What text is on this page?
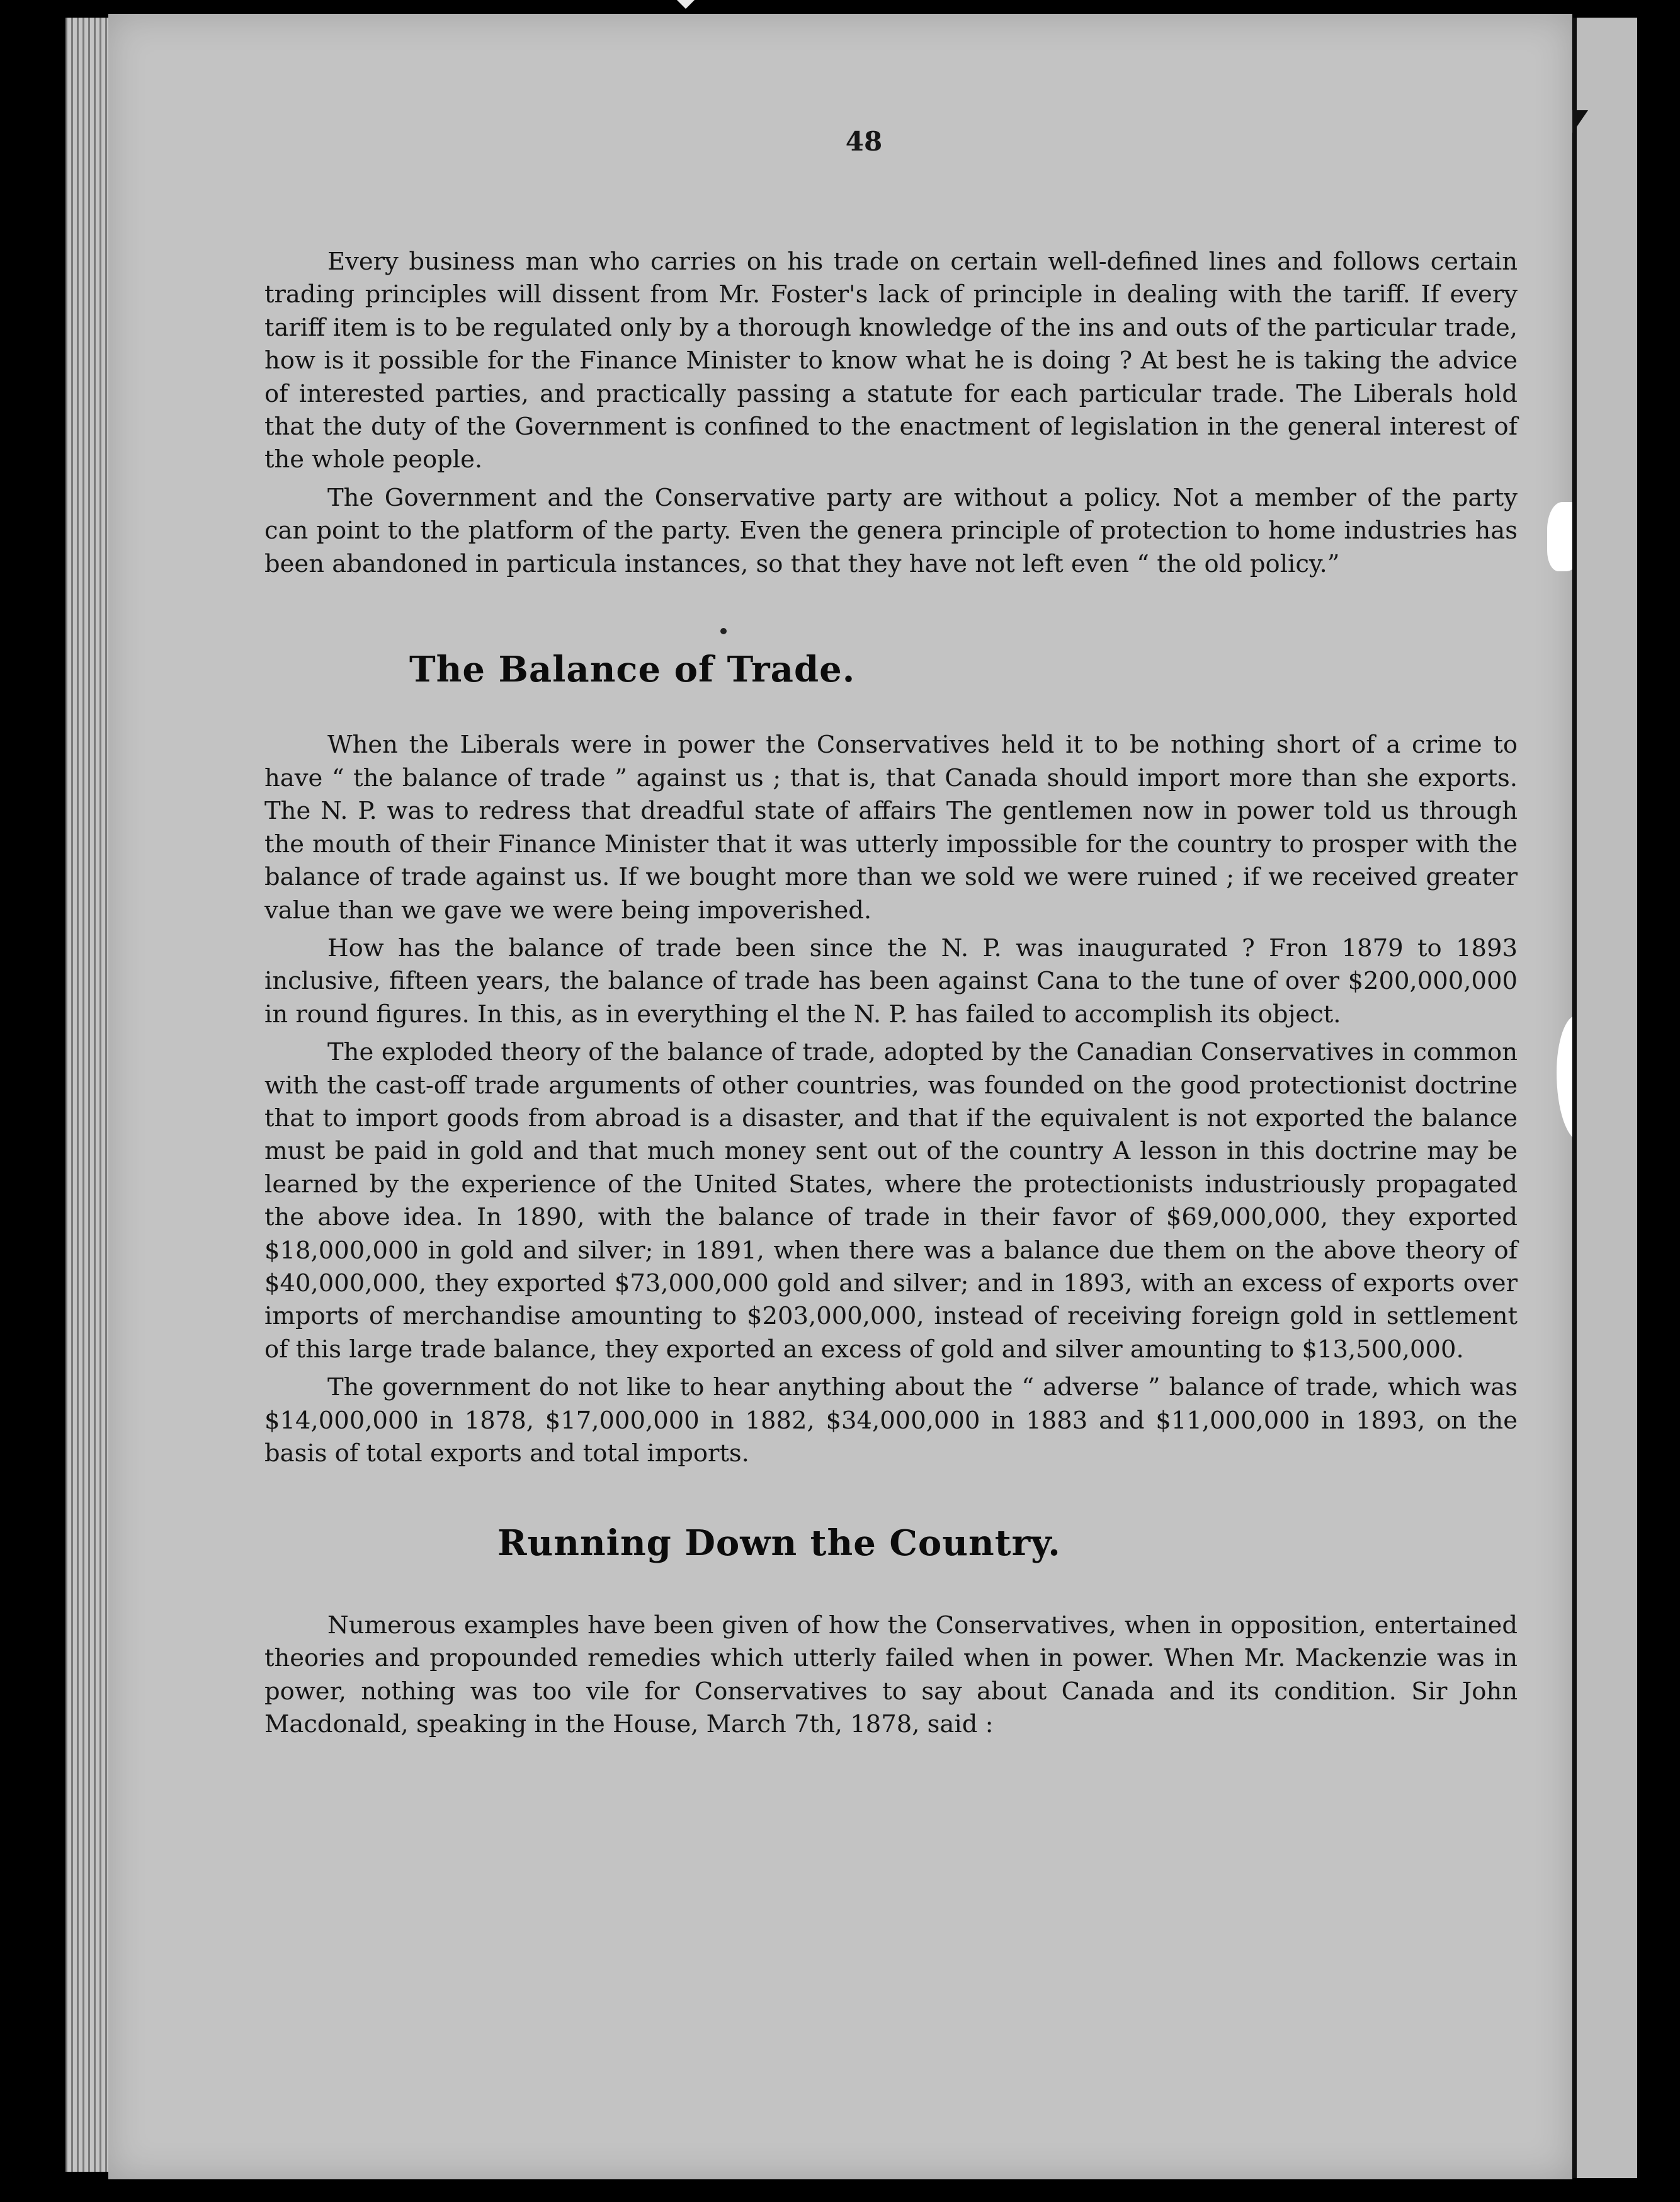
48

Every business man who carries on his trade on certain well-defined lines and follows certain trading principles will dissent from Mr. Foster's lack of principle in dealing with the tariff. If every tariff item is to be regulated only by a thorough knowledge of the ins and outs of the particular trade, how is it possible for the Finance Minister to know what he is doing ? At best he is taking the advice of interested parties, and practically passing a statute for each particular trade. The Liberals hold that the duty of the Government is confined to the enactment of legislation in the general interest of the whole people.

The Government and the Conservative party are without a policy. Not a member of the party can point to the platform of the party. Even the genera principle of protection to home industries has been abandoned in particula instances, so that they have not left even “ the old policy.”

The Balance of Trade.

When the Liberals were in power the Conservatives held it to be nothing short of a crime to have “ the balance of trade ” against us ; that is, that Canada should import more than she exports. The N. P. was to redress that dreadful state of affairs The gentlemen now in power told us through the mouth of their Finance Minister that it was utterly impossible for the country to prosper with the balance of trade against us. If we bought more than we sold we were ruined ; if we received greater value than we gave we were being impoverished.

How has the balance of trade been since the N. P. was inaugurated ? Fron 1879 to 1893 inclusive, fifteen years, the balance of trade has been against Cana to the tune of over $200,000,000 in round figures. In this, as in everything el the N. P. has failed to accomplish its object.

The exploded theory of the balance of trade, adopted by the Canadian Conservatives in common with the cast-off trade arguments of other countries, was founded on the good protectionist doctrine that to import goods from abroad is a disaster, and that if the equivalent is not exported the balance must be paid in gold and that much money sent out of the country A lesson in this doctrine may be learned by the experience of the United States, where the protectionists industriously propagated the above idea. In 1890, with the balance of trade in their favor of $69,000,000, they exported $18,000,000 in gold and silver; in 1891, when there was a balance due them on the above theory of $40,000,000, they exported $73,000,000 gold and silver; and in 1893, with an excess of exports over imports of merchandise amounting to $203,000,000, instead of receiving foreign gold in settlement of this large trade balance, they exported an excess of gold and silver amounting to $13,500,000.

The government do not like to hear anything about the “ adverse ” balance of trade, which was $14,000,000 in 1878, $17,000,000 in 1882, $34,000,000 in 1883 and $11,000,000 in 1893, on the basis of total exports and total imports.

Running Down the Country.

Numerous examples have been given of how the Conservatives, when in opposition, entertained theories and propounded remedies which utterly failed when in power. When Mr. Mackenzie was in power, nothing was too vile for Conservatives to say about Canada and its condition. Sir John Macdonald, speaking in the House, March 7th, 1878, said :
